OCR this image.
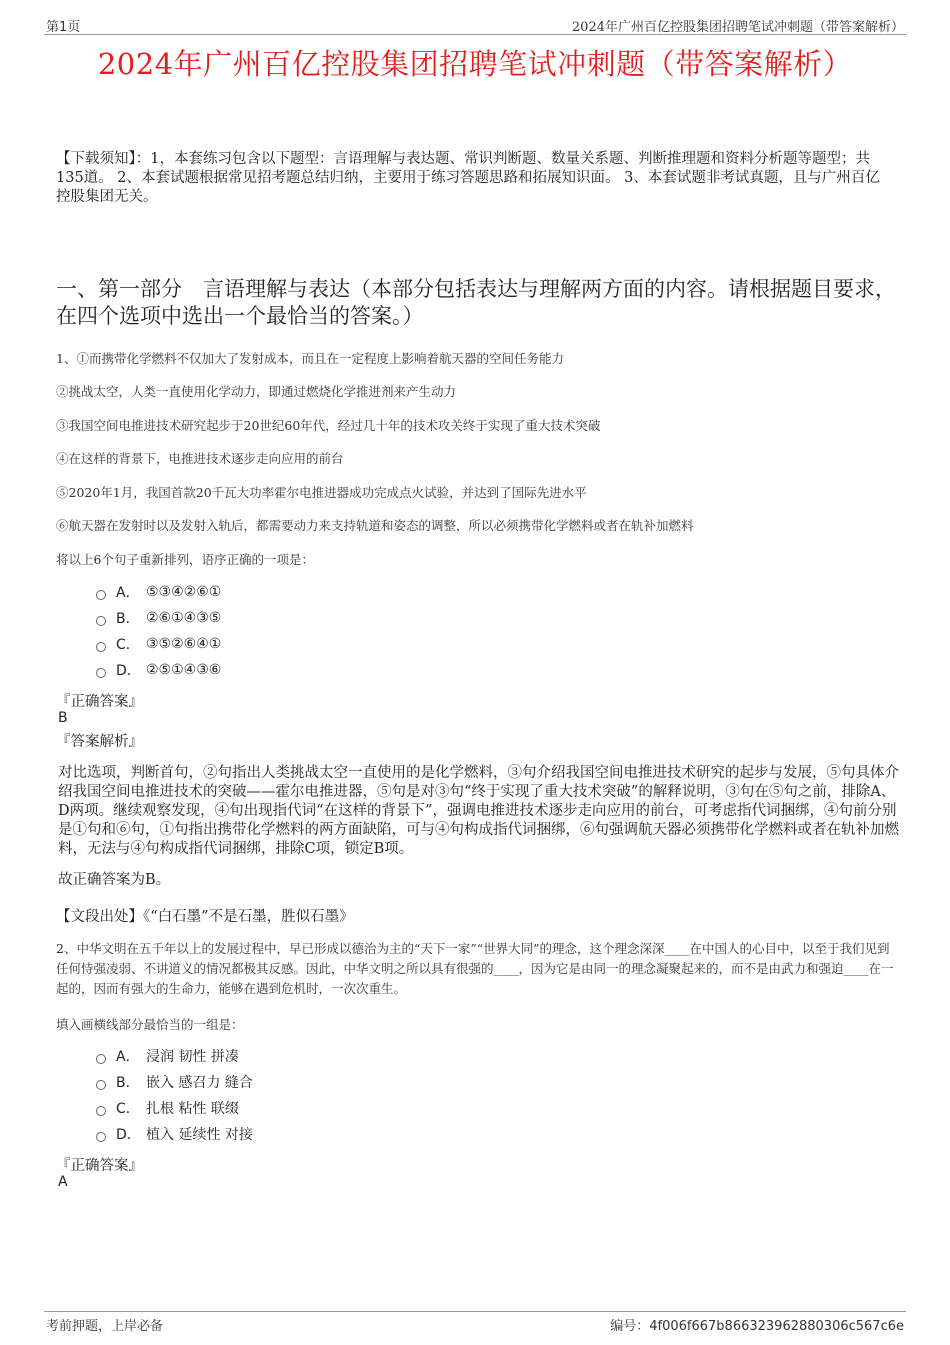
第1页	2024年广州百亿控股集团招聘笔试冲刺题（带答案解析）
2024年广州百亿控股集团招聘笔试冲刺题（带答案解析）
【下载须知】：1，本套练习包含以下题型：言语理解与表达题、常识判断题、数量关系题、判断推理题和资料分析题等题型；共135道。 2、本套试题根据常见招考题总结归纳，主要用于练习答题思路和拓展知识面。 3、本套试题非考试真题，且与广州百亿控股集团无关。
一、第一部分　言语理解与表达（本部分包括表达与理解两方面的内容。请根据题目要求，在四个选项中选出一个最恰当的答案。）
1、①而携带化学燃料不仅加大了发射成本，而且在一定程度上影响着航天器的空间任务能力
②挑战太空，人类一直使用化学动力，即通过燃烧化学推进剂来产生动力
③我国空间电推进技术研究起步于20世纪60年代，经过几十年的技术攻关终于实现了重大技术突破
④在这样的背景下，电推进技术逐步走向应用的前台
⑤2020年1月，我国首款20千瓦大功率霍尔电推进器成功完成点火试验，并达到了国际先进水平
⑥航天器在发射时以及发射入轨后，都需要动力来支持轨道和姿态的调整，所以必须携带化学燃料或者在轨补加燃料
将以上6个句子重新排列，语序正确的一项是：
A． ⑤③④②⑥①
B． ②⑥①④③⑤
C． ③⑤②⑥④①
D． ②⑤①④③⑥
『正确答案』
B
『答案解析』
对比选项，判断首句，②句指出人类挑战太空一直使用的是化学燃料，③句介绍我国空间电推进技术研究的起步与发展，⑤句具体介绍我国空间电推进技术的突破——霍尔电推进器，⑤句是对③句“终于实现了重大技术突破”的解释说明，③句在⑤句之前，排除A、D两项。继续观察发现，④句出现指代词“在这样的背景下”，强调电推进技术逐步走向应用的前台，可考虑指代词捆绑，④句前分别是①句和⑥句，①句指出携带化学燃料的两方面缺陷，可与④句构成指代词捆绑，⑥句强调航天器必须携带化学燃料或者在轨补加燃料，无法与④句构成指代词捆绑，排除C项，锁定B项。
故正确答案为B。
【文段出处】《“白石墨”不是石墨，胜似石墨》
2、中华文明在五千年以上的发展过程中，早已形成以德治为主的“天下一家”“世界大同”的理念，这个理念深深____在中国人的心目中，以至于我们见到任何恃强凌弱、不讲道义的情况都极其反感。因此，中华文明之所以具有很强的____，因为它是由同一的理念凝聚起来的，而不是由武力和强迫____在一起的，因而有强大的生命力，能够在遇到危机时，一次次重生。
填入画横线部分最恰当的一组是：
A． 浸润 韧性 拼凑
B． 嵌入 感召力 缝合
C． 扎根 粘性 联缀
D． 植入 延续性 对接
『正确答案』
A
考前押题，上岸必备	编号：4f006f667b866323962880306c567c6e
